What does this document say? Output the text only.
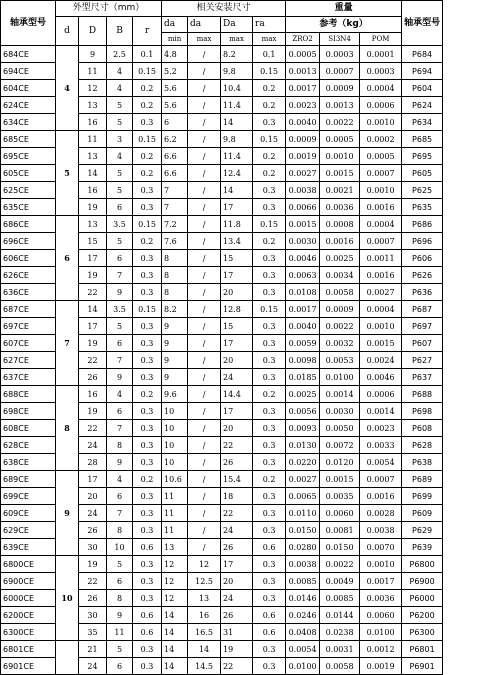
轴承型号	外型尺寸（mm）				相关安装尺寸				重量			轴承型号
	d	D	B	r	da	da	Da	ra	参考（kg）			
					min	max	max	max	ZRO2	SI3N4	POM	
684CE	4	9	2.5	0.1	4.8	/	8.2	0.1	0.0005	0.0003	0.0001	P684
694CE		11	4	0.15	5.2	/	9.8	0.15	0.0013	0.0007	0.0003	P694
604CE		12	4	0.2	5.6	/	10.4	0.2	0.0017	0.0009	0.0004	P604
624CE		13	5	0.2	5.6	/	11.4	0.2	0.0023	0.0013	0.0006	P624
634CE		16	5	0.3	6	/	14	0.3	0.0040	0.0022	0.0010	P634
685CE	5	11	3	0.15	6.2	/	9.8	0.15	0.0009	0.0005	0.0002	P685
695CE		13	4	0.2	6.6	/	11.4	0.2	0.0019	0.0010	0.0005	P695
605CE		14	5	0.2	6.6	/	12.4	0.2	0.0027	0.0015	0.0007	P605
625CE		16	5	0.3	7	/	14	0.3	0.0038	0.0021	0.0010	P625
635CE		19	6	0.3	7	/	17	0.3	0.0066	0.0036	0.0016	P635
686CE	6	13	3.5	0.15	7.2	/	11.8	0.15	0.0015	0.0008	0.0004	P686
696CE		15	5	0.2	7.6	/	13.4	0.2	0.0030	0.0016	0.0007	P696
606CE		17	6	0.3	8	/	15	0.3	0.0046	0.0025	0.0011	P606
626CE		19	7	0.3	8	/	17	0.3	0.0063	0.0034	0.0016	P626
636CE		22	9	0.3	8	/	20	0.3	0.0108	0.0058	0.0027	P636
687CE	7	14	3.5	0.15	8.2	/	12.8	0.15	0.0017	0.0009	0.0004	P687
697CE		17	5	0.3	9	/	15	0.3	0.0040	0.0022	0.0010	P697
607CE		19	6	0.3	9	/	17	0.3	0.0059	0.0032	0.0015	P607
627CE		22	7	0.3	9	/	20	0.3	0.0098	0.0053	0.0024	P627
637CE		26	9	0.3	9	/	24	0.3	0.0185	0.0100	0.0046	P637
688CE	8	16	4	0.2	9.6	/	14.4	0.2	0.0025	0.0014	0.0006	P688
698CE		19	6	0.3	10	/	17	0.3	0.0056	0.0030	0.0014	P698
608CE		22	7	0.3	10	/	20	0.3	0.0093	0.0050	0.0023	P608
628CE		24	8	0.3	10	/	22	0.3	0.0130	0.0072	0.0033	P628
638CE		28	9	0.3	10	/	26	0.3	0.0220	0.0120	0.0054	P638
689CE	9	17	4	0.2	10.6	/	15.4	0.2	0.0027	0.0015	0.0007	P689
699CE		20	6	0.3	11	/	18	0.3	0.0065	0.0035	0.0016	P699
609CE		24	7	0.3	11	/	22	0.3	0.0110	0.0060	0.0028	P609
629CE		26	8	0.3	11	/	24	0.3	0.0150	0.0081	0.0038	P629
639CE		30	10	0.6	13	/	26	0.6	0.0280	0.0150	0.0070	P639
6800CE	10	19	5	0.3	12	12	17	0.3	0.0038	0.0022	0.0010	P6800
6900CE		22	6	0.3	12	12.5	20	0.3	0.0085	0.0049	0.0017	P6900
6000CE		26	8	0.3	12	13	24	0.3	0.0146	0.0085	0.0036	P6000
6200CE		30	9	0.6	14	16	26	0.6	0.0246	0.0144	0.0060	P6200
6300CE		35	11	0.6	14	16.5	31	0.6	0.0408	0.0238	0.0100	P6300
6801CE		21	5	0.3	14	14	19	0.3	0.0054	0.0031	0.0012	P6801
6901CE		24	6	0.3	14	14.5	22	0.3	0.0100	0.0058	0.0019	P6901
